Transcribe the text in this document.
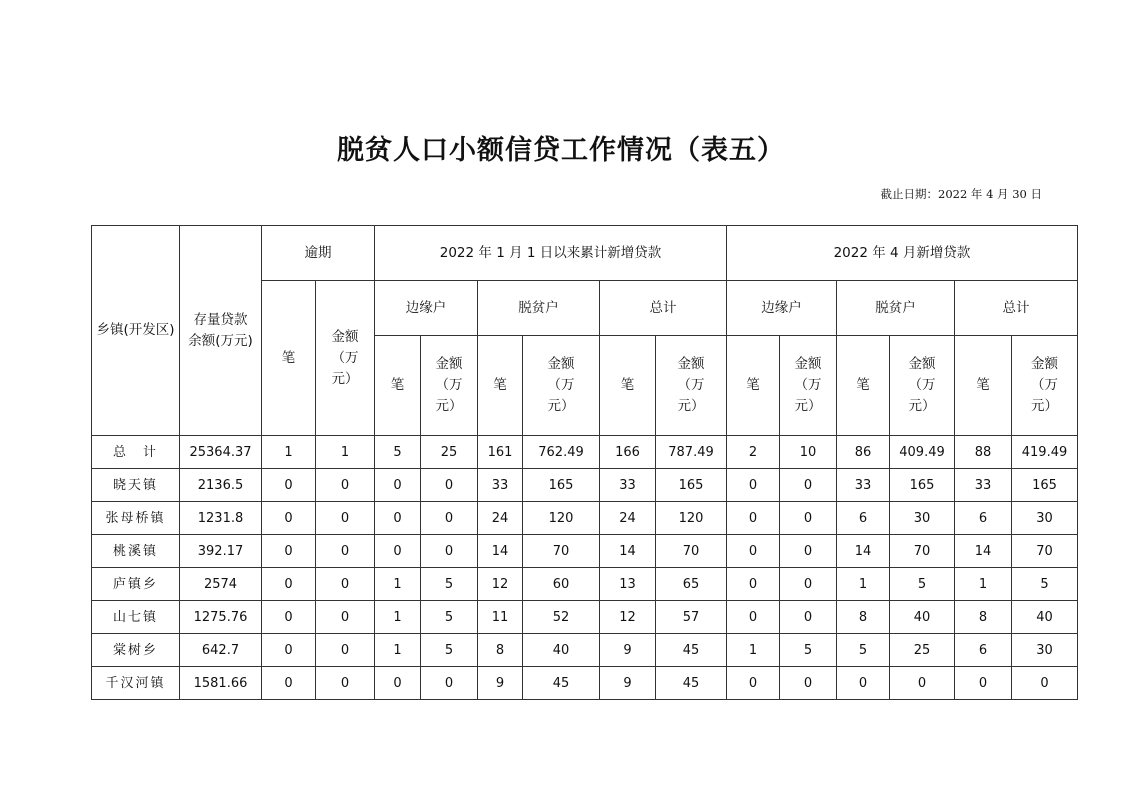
脱贫人口小额信贷工作情况（表五）
截止日期：2022 年 4 月 30 日
乡镇(开发区)	存量贷款余额(万元)	逾期		2022 年 1 月 1 日以来累计新增贷款						2022 年 4 月新增贷款					
		笔	金额（万元）	边缘户		脱贫户		总计		边缘户		脱贫户		总计	
				笔	金额（万元）	笔	金额（万元）	笔	金额（万元）	笔	金额（万元）	笔	金额（万元）	笔	金额（万元）
总　计	25364.37	1	1	5	25	161	762.49	166	787.49	2	10	86	409.49	88	419.49
晓天镇	2136.5	0	0	0	0	33	165	33	165	0	0	33	165	33	165
张母桥镇	1231.8	0	0	0	0	24	120	24	120	0	0	6	30	6	30
桃溪镇	392.17	0	0	0	0	14	70	14	70	0	0	14	70	14	70
庐镇乡	2574	0	0	1	5	12	60	13	65	0	0	1	5	1	5
山七镇	1275.76	0	0	1	5	11	52	12	57	0	0	8	40	8	40
棠树乡	642.7	0	0	1	5	8	40	9	45	1	5	5	25	6	30
千汉河镇	1581.66	0	0	0	0	9	45	9	45	0	0	0	0	0	0
